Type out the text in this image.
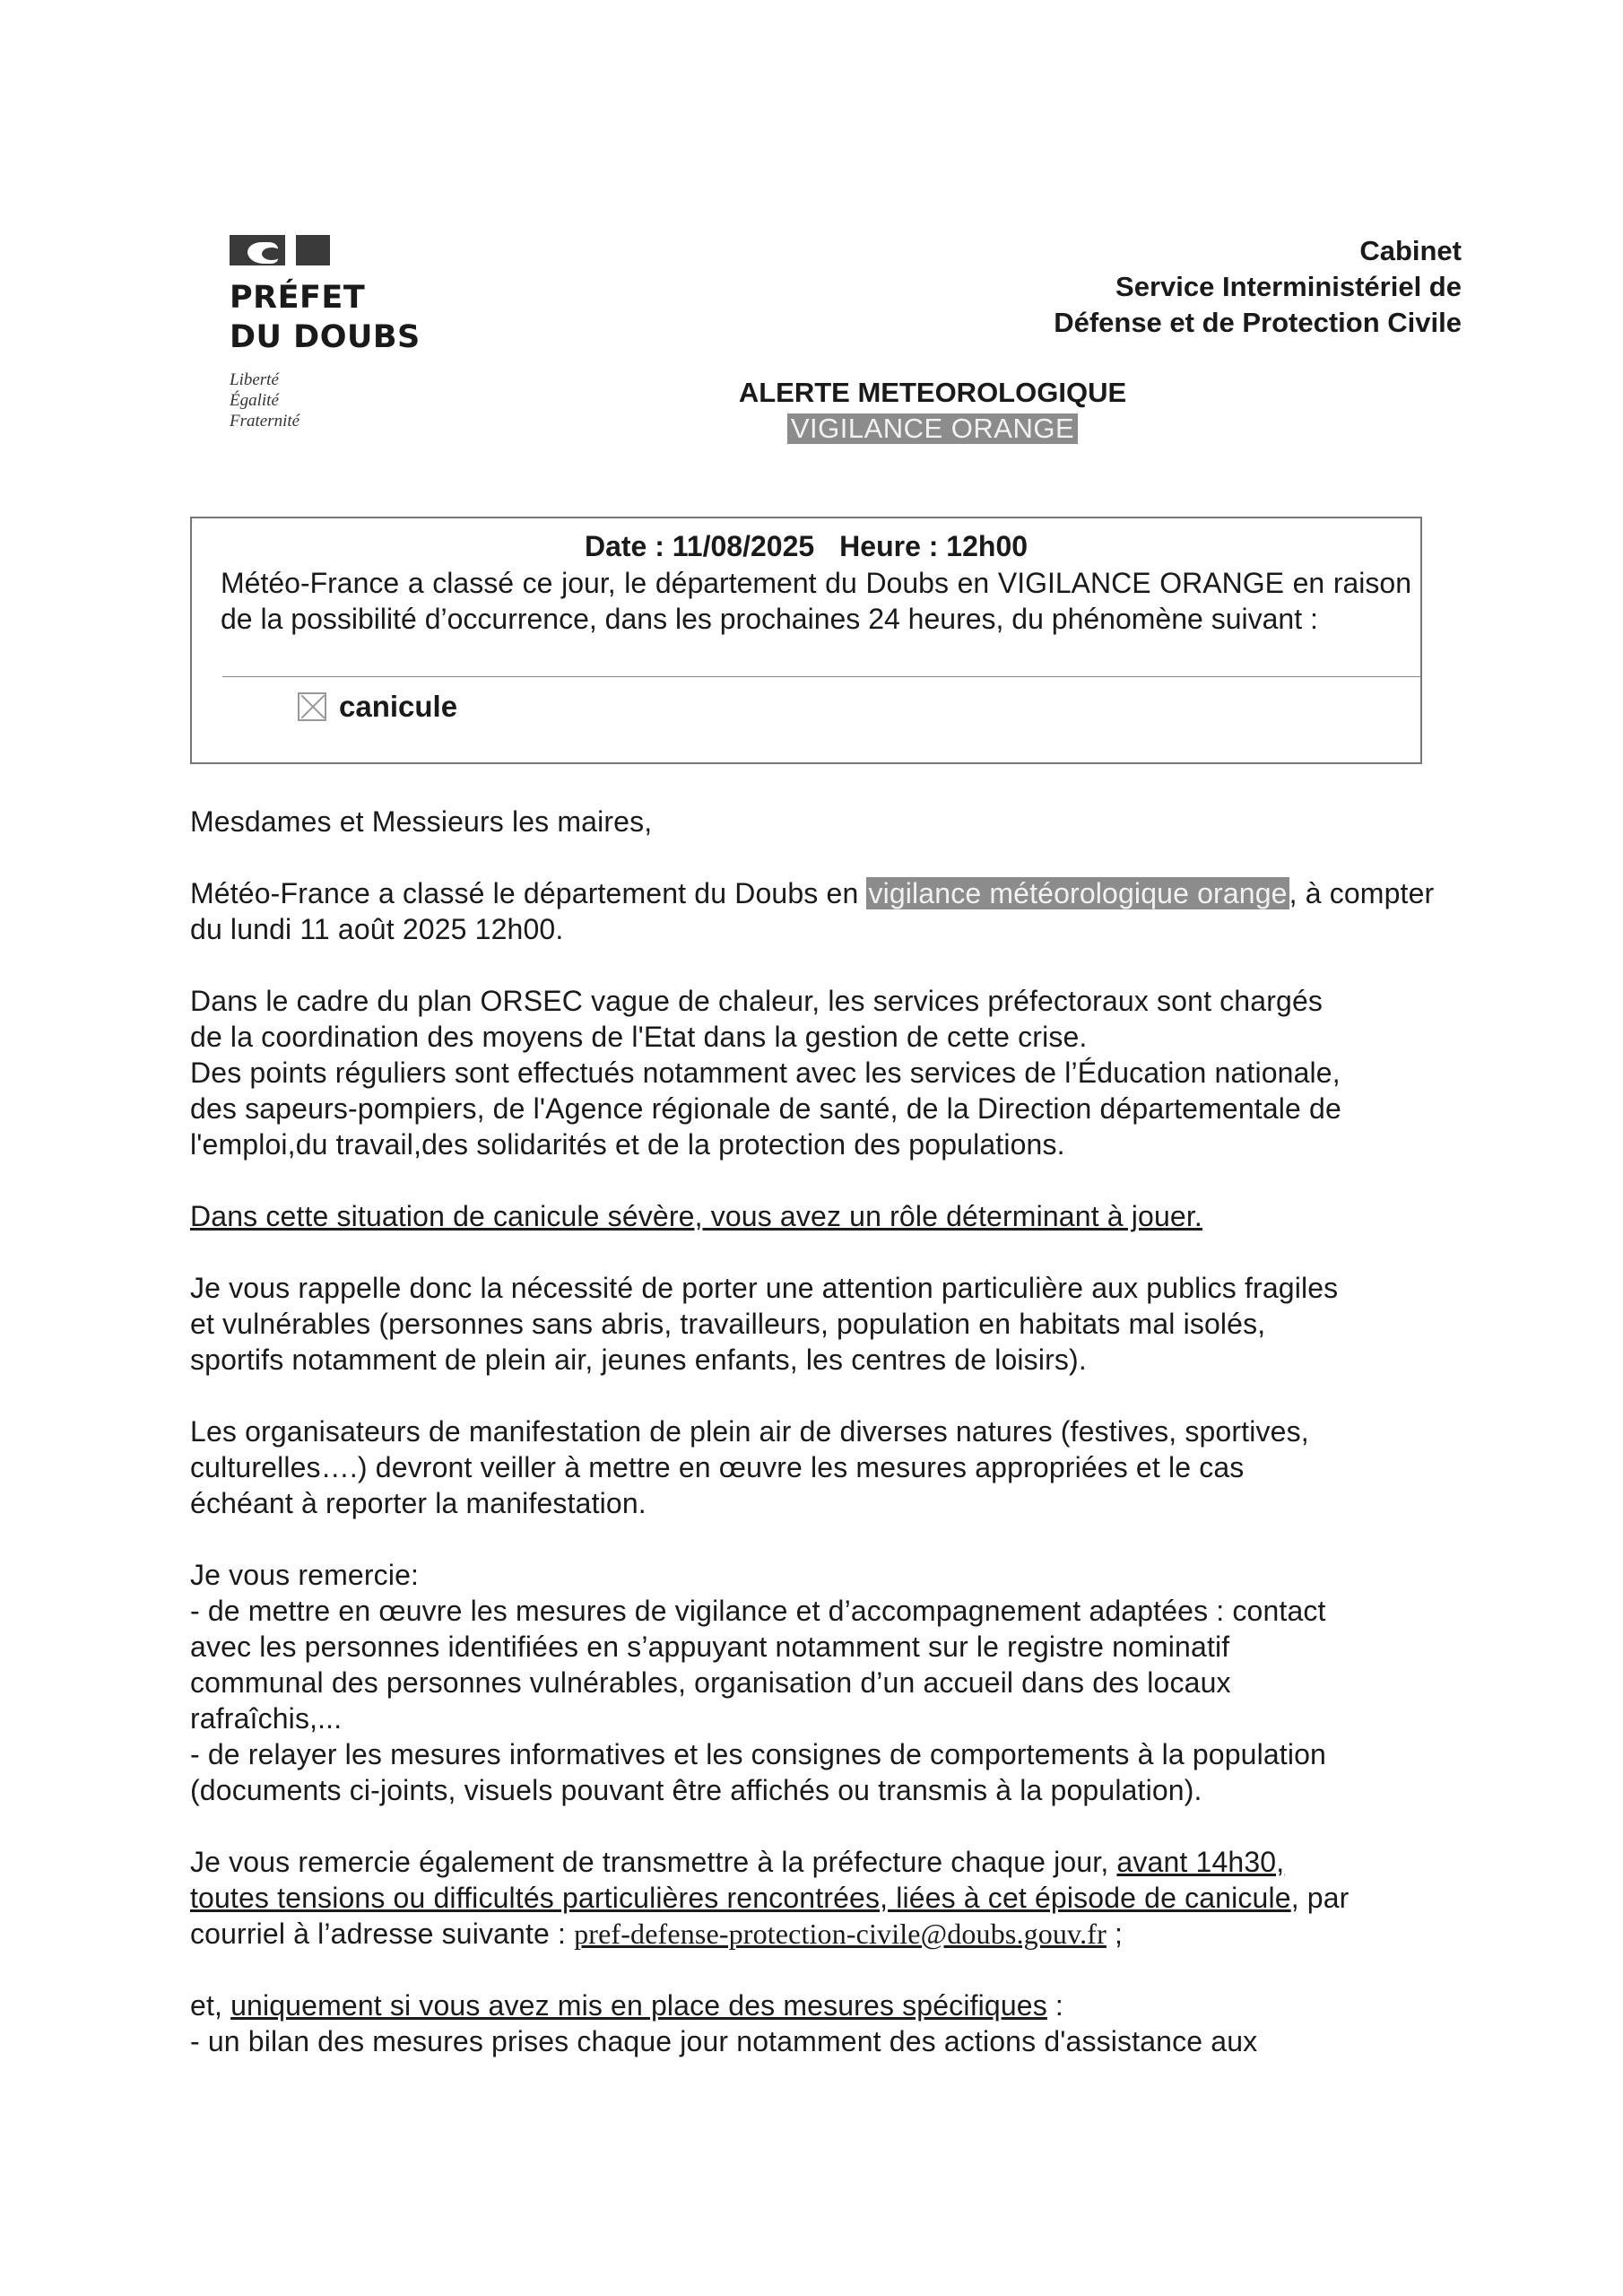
PRÉFET
DU DOUBS
Liberté
Égalité
Fraternité
Cabinet
Service Interministériel de
Défense et de Protection Civile
ALERTE METEOROLOGIQUE
VIGILANCE ORANGE
Date : 11/08/2025 Heure : 12h00
Météo-France a classé ce jour, le département du Doubs en VIGILANCE ORANGE en raison de la possibilité d’occurrence, dans les prochaines 24 heures, du phénomène suivant :
canicule

Mesdames et Messieurs les maires,

Météo-France a classé le département du Doubs en vigilance météorologique orange, à compter du lundi 11 août 2025 12h00.

Dans le cadre du plan ORSEC vague de chaleur, les services préfectoraux sont chargés

de la coordination des moyens de l'Etat dans la gestion de cette crise.

Des points réguliers sont effectués notamment avec les services de l’Éducation nationale,

des sapeurs-pompiers, de l'Agence régionale de santé, de la Direction départementale de

l'emploi,du travail,des solidarités et de la protection des populations.

Dans cette situation de canicule sévère, vous avez un rôle déterminant à jouer.

Je vous rappelle donc la nécessité de porter une attention particulière aux publics fragiles

et vulnérables (personnes sans abris, travailleurs, population en habitats mal isolés,

sportifs notamment de plein air, jeunes enfants, les centres de loisirs).

Les organisateurs de manifestation de plein air de diverses natures (festives, sportives,

culturelles….) devront veiller à mettre en œuvre les mesures appropriées et le cas

échéant à reporter la manifestation.

Je vous remercie:

- de mettre en œuvre les mesures de vigilance et d’accompagnement adaptées : contact

avec les personnes identifiées en s’appuyant notamment sur le registre nominatif

communal des personnes vulnérables, organisation d’un accueil dans des locaux

rafraîchis,...

- de relayer les mesures informatives et les consignes de comportements à la population

(documents ci-joints, visuels pouvant être affichés ou transmis à la population).

Je vous remercie également de transmettre à la préfecture chaque jour, avant 14h30,

toutes tensions ou difficultés particulières rencontrées, liées à cet épisode de canicule, par

courriel à l’adresse suivante : pref-defense-protection-civile@doubs.gouv.fr ;

et, uniquement si vous avez mis en place des mesures spécifiques :

- un bilan des mesures prises chaque jour notamment des actions d'assistance aux
